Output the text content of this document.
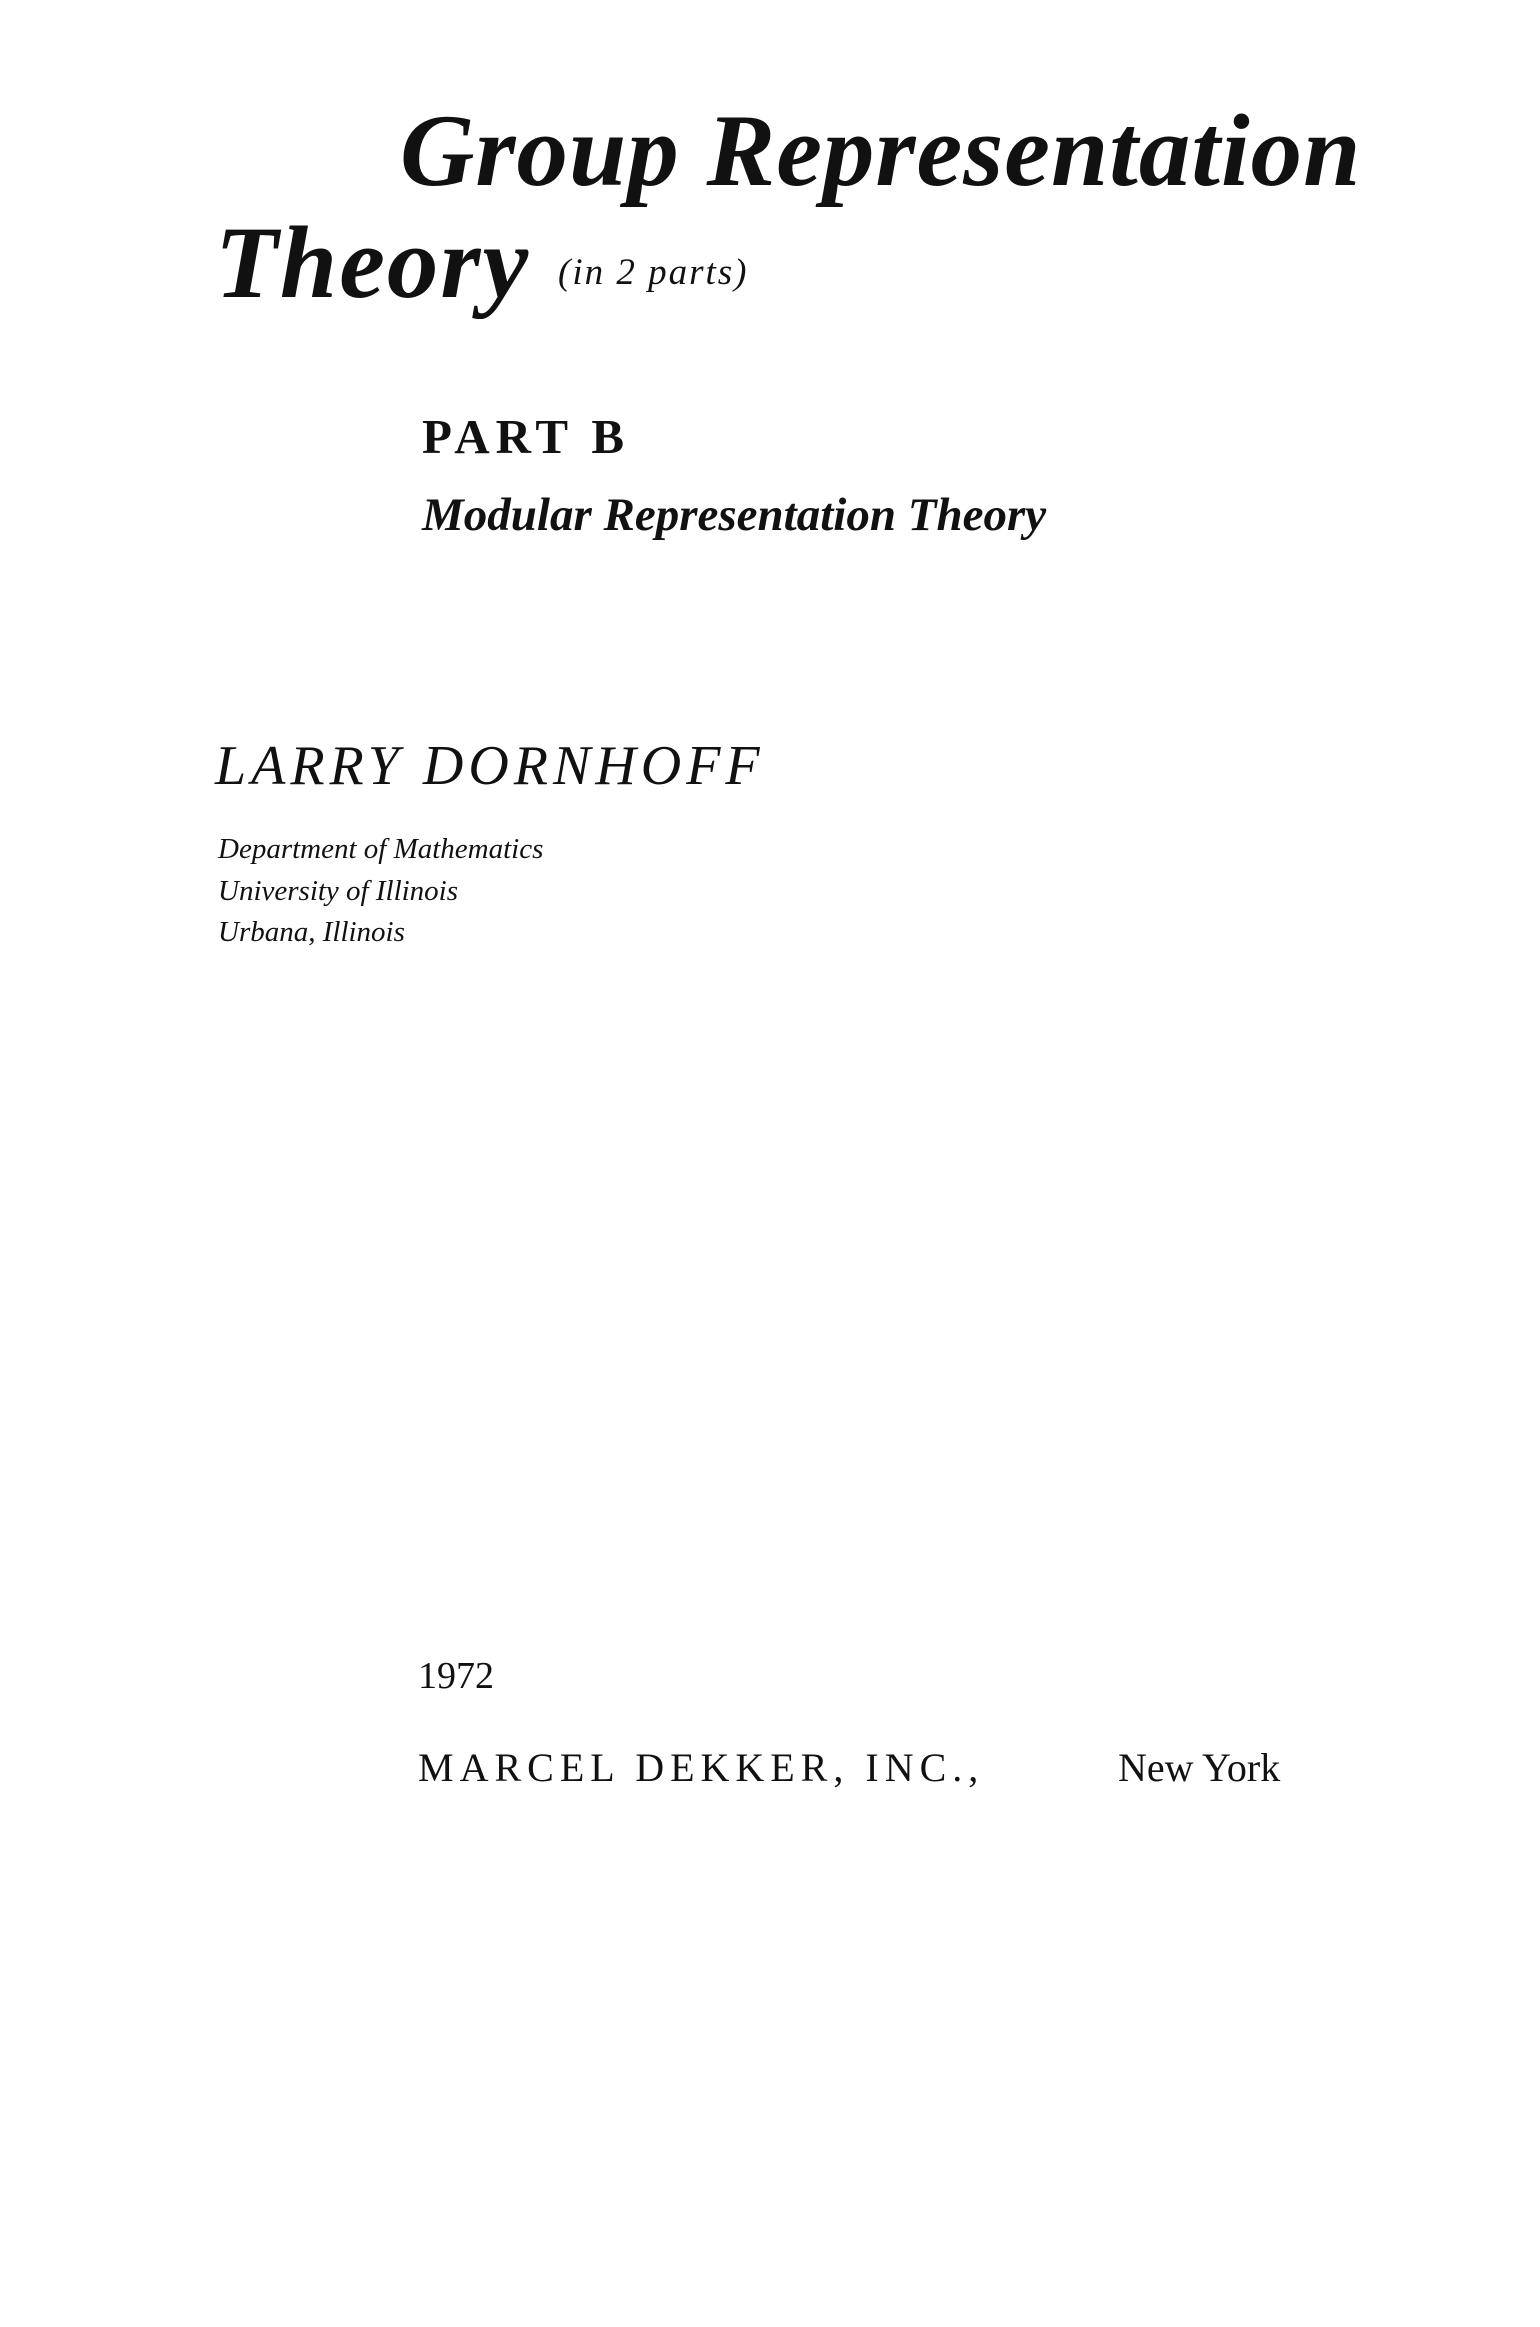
Group Representation
Theory (in 2 parts)
PART B
Modular Representation Theory
LARRY DORNHOFF
Department of Mathematics
University of Illinois
Urbana, Illinois
1972
MARCEL DEKKER, INC.,	New York
